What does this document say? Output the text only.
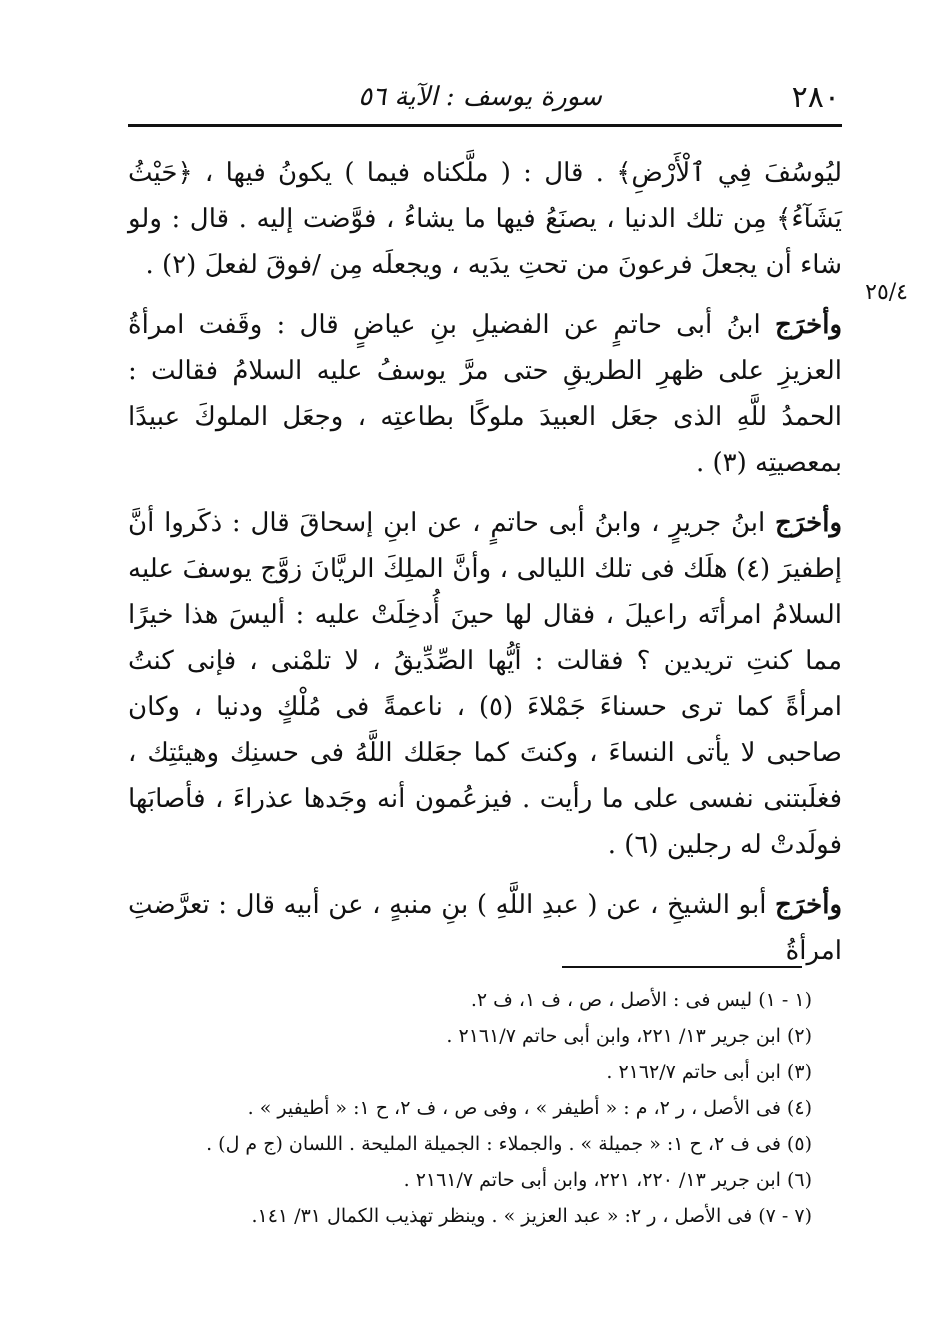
٢٨٠
سورة يوسف : الآية ٥٦
٢٥/٤

ليُوسُفَ فِي ٱلْأَرْضِ﴾ . قال : ( ملَّكناه فيما ) يكونُ فيها ، ﴿حَيْثُ يَشَآءُ﴾ مِن تلك الدنيا ، يصنَعُ فيها ما يشاءُ ، فوَّضت إليه . قال : ولو شاء أن يجعلَ فرعونَ من تحتِ يدَيه ، ويجعلَه مِن /فوقَ لفعلَ (٢) .

وأخرَج ابنُ أبى حاتمٍ عن الفضيلِ بنِ عياضٍ قال : وقَفت امرأةُ العزيزِ على ظهرِ الطريقِ حتى مرَّ يوسفُ عليه السلامُ فقالت : الحمدُ للَّهِ الذى جعَل العبيدَ ملوكًا بطاعتِه ، وجعَل الملوكَ عبيدًا بمعصيتِه (٣) .

وأخرَج ابنُ جريرٍ ، وابنُ أبى حاتمٍ ، عن ابنِ إسحاقَ قال : ذكَروا أنَّ إطفيرَ (٤) هلَك فى تلك الليالى ، وأنَّ الملِكَ الريَّانَ زوَّج يوسفَ عليه السلامُ امرأتَه راعيلَ ، فقال لها حينَ أُدخِلَتْ عليه : أليسَ هذا خيرًا مما كنتِ تريدين ؟ فقالت : أيُّها الصِّدِّيقُ ، لا تلمْنى ، فإنى كنتُ امرأةً كما ترى حسناءَ جَمْلاءَ (٥) ، ناعمةً فى مُلْكٍ ودنيا ، وكان صاحبى لا يأتى النساءَ ، وكنتَ كما جعَلك اللَّهُ فى حسنِك وهيئتِك ، فغلَبتنى نفسى على ما رأيت . فيزعُمون أنه وجَدها عذراءَ ، فأصابَها فولَدتْ له رجلين (٦) .

وأخرَج أبو الشيخِ ، عن ( عبدِ اللَّهِ ) بنِ منبهٍ ، عن أبيه قال : تعرَّضتِ امرأةُ

(١ - ١) ليس فى : الأصل ، ص ، ف ١، ف ٢.

(٢) ابن جرير ١٣/ ٢٢١، وابن أبى حاتم ٢١٦١/٧ .

(٣) ابن أبى حاتم ٢١٦٢/٧ .

(٤) فى الأصل ، ر ٢، م : « أطيفر » ، وفى ص ، ف ٢، ح ١: « أطيفير » .

(٥) فى ف ٢، ح ١: « جميلة » . والجملاء : الجميلة المليحة . اللسان (ج م ل) .

(٦) ابن جرير ١٣/ ٢٢٠، ٢٢١، وابن أبى حاتم ٢١٦١/٧ .

(٧ - ٧) فى الأصل ، ر ٢: « عبد العزيز » . وينظر تهذيب الكمال ٣١/ ١٤١.
